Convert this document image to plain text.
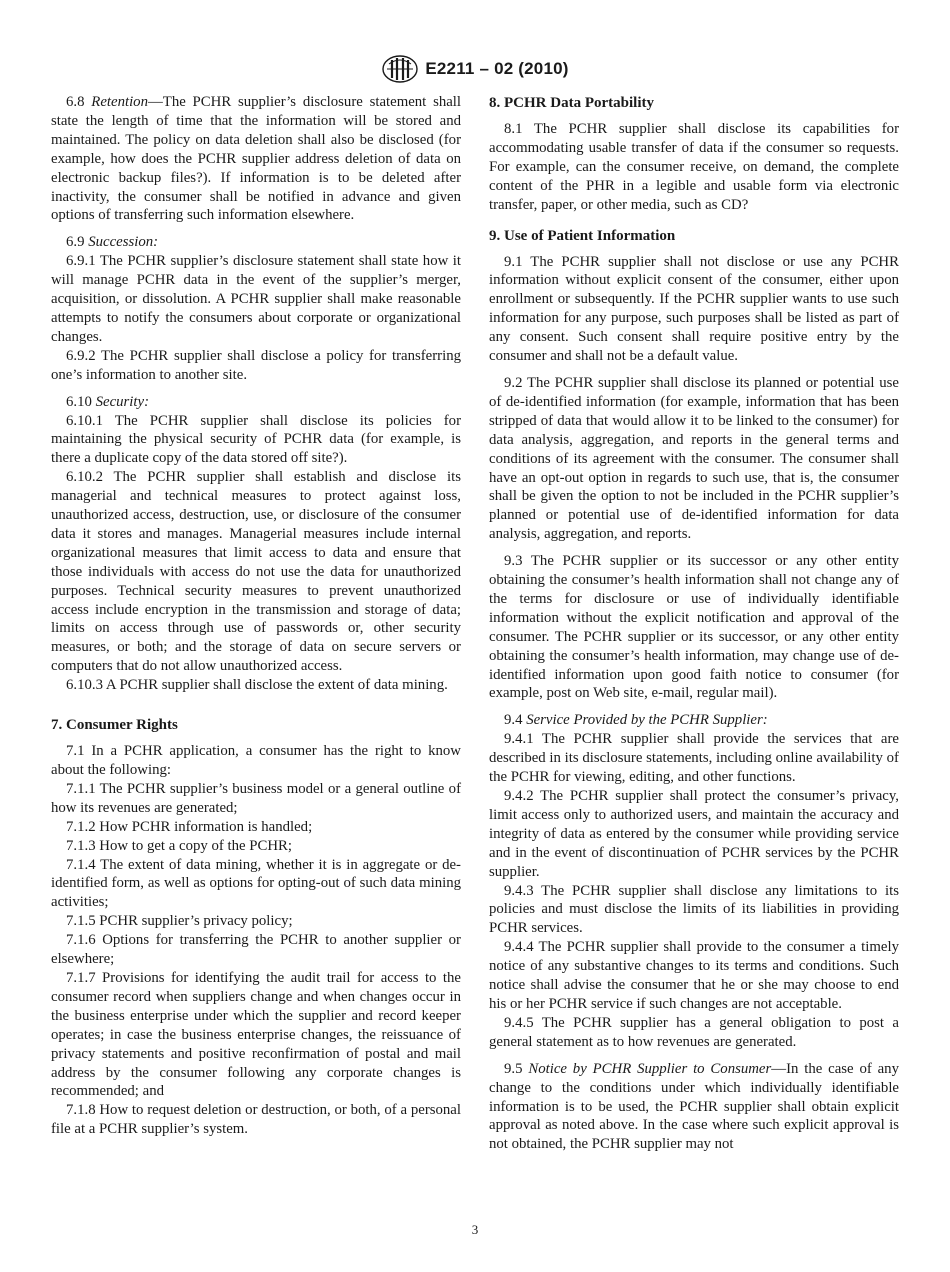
E2211 – 02 (2010)

6.8 Retention—The PCHR supplier’s disclosure statement shall state the length of time that the information will be stored and maintained. The policy on data deletion shall also be disclosed (for example, how does the PCHR supplier address deletion of data on electronic backup files?). If information is to be deleted after inactivity, the consumer shall be notified in advance and given options of transferring such information elsewhere.

6.9 Succession:

6.9.1 The PCHR supplier’s disclosure statement shall state how it will manage PCHR data in the event of the supplier’s merger, acquisition, or dissolution. A PCHR supplier shall make reasonable attempts to notify the consumers about corporate or organizational changes.

6.9.2 The PCHR supplier shall disclose a policy for transferring one’s information to another site.

6.10 Security:

6.10.1 The PCHR supplier shall disclose its policies for maintaining the physical security of PCHR data (for example, is there a duplicate copy of the data stored off site?).

6.10.2 The PCHR supplier shall establish and disclose its managerial and technical measures to protect against loss, unauthorized access, destruction, use, or disclosure of the consumer data it stores and manages. Managerial measures include internal organizational measures that limit access to data and ensure that those individuals with access do not use the data for unauthorized purposes. Technical security measures to prevent unauthorized access include encryption in the transmission and storage of data; limits on access through use of passwords or, other security measures, or both; and the storage of data on secure servers or computers that do not allow unauthorized access.

6.10.3 A PCHR supplier shall disclose the extent of data mining.

7. Consumer Rights

7.1 In a PCHR application, a consumer has the right to know about the following:

7.1.1 The PCHR supplier’s business model or a general outline of how its revenues are generated;

7.1.2 How PCHR information is handled;

7.1.3 How to get a copy of the PCHR;

7.1.4 The extent of data mining, whether it is in aggregate or de-identified form, as well as options for opting-out of such data mining activities;

7.1.5 PCHR supplier’s privacy policy;

7.1.6 Options for transferring the PCHR to another supplier or elsewhere;

7.1.7 Provisions for identifying the audit trail for access to the consumer record when suppliers change and when changes occur in the business enterprise under which the supplier and record keeper operates; in case the business enterprise changes, the reissuance of privacy statements and positive reconfirmation of postal and mail address by the consumer following any corporate changes is recommended; and

7.1.8 How to request deletion or destruction, or both, of a personal file at a PCHR supplier’s system.

8. PCHR Data Portability

8.1 The PCHR supplier shall disclose its capabilities for accommodating usable transfer of data if the consumer so requests. For example, can the consumer receive, on demand, the complete content of the PHR in a legible and usable form via electronic transfer, paper, or other media, such as CD?

9. Use of Patient Information

9.1 The PCHR supplier shall not disclose or use any PCHR information without explicit consent of the consumer, either upon enrollment or subsequently. If the PCHR supplier wants to use such information for any purpose, such purposes shall be listed as part of any consent. Such consent shall require positive entry by the consumer and shall not be a default value.

9.2 The PCHR supplier shall disclose its planned or potential use of de-identified information (for example, information that has been stripped of data that would allow it to be linked to the consumer) for data analysis, aggregation, and reports in the general terms and conditions of its agreement with the consumer. The consumer shall have an opt-out option in regards to such use, that is, the consumer shall be given the option to not be included in the PCHR supplier’s planned or potential use of de-identified information for data analysis, aggregation, and reports.

9.3 The PCHR supplier or its successor or any other entity obtaining the consumer’s health information shall not change any of the terms for disclosure or use of individually identifiable information without the explicit notification and approval of the consumer. The PCHR supplier or its successor, or any other entity obtaining the consumer’s health information, may change use of de-identified information upon good faith notice to consumer (for example, post on Web site, e-mail, regular mail).

9.4 Service Provided by the PCHR Supplier:

9.4.1 The PCHR supplier shall provide the services that are described in its disclosure statements, including online availability of the PCHR for viewing, editing, and other functions.

9.4.2 The PCHR supplier shall protect the consumer’s privacy, limit access only to authorized users, and maintain the accuracy and integrity of data as entered by the consumer while providing service and in the event of discontinuation of PCHR services by the PCHR supplier.

9.4.3 The PCHR supplier shall disclose any limitations to its policies and must disclose the limits of its liabilities in providing PCHR services.

9.4.4 The PCHR supplier shall provide to the consumer a timely notice of any substantive changes to its terms and conditions. Such notice shall advise the consumer that he or she may choose to end his or her PCHR service if such changes are not acceptable.

9.4.5 The PCHR supplier has a general obligation to post a general statement as to how revenues are generated.

9.5 Notice by PCHR Supplier to Consumer—In the case of any change to the conditions under which individually identifiable information is to be used, the PCHR supplier shall obtain explicit approval as noted above. In the case where such explicit approval is not obtained, the PCHR supplier may not

3
